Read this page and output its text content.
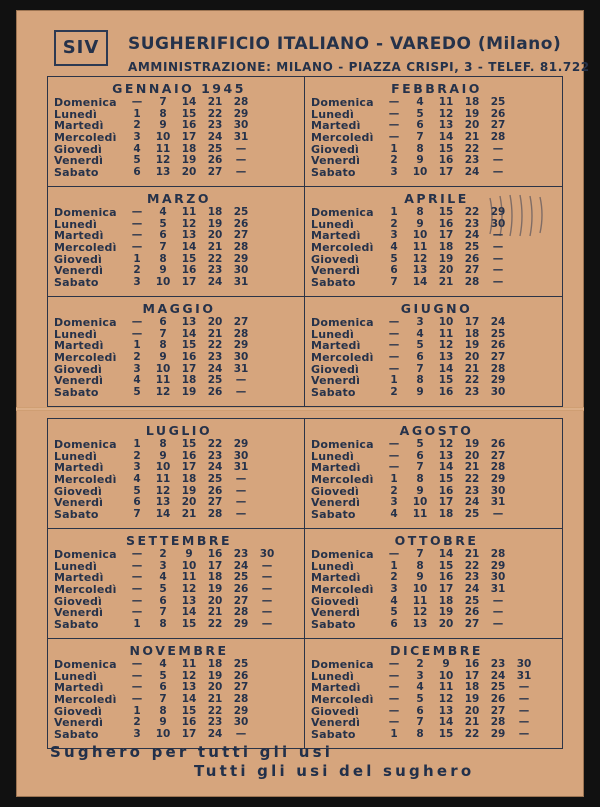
SIV	SUGHERIFICIO ITALIANO - VAREDO (Milano)
AMMINISTRAZIONE: MILANO - PIAZZA CRISPI, 3 - TELEF. 81.722
GENNAIO 1945
Domenica	—	7	14	21	28
Lunedì	1	8	15	22	29
Martedì	2	9	16	23	30
Mercoledì	3	10	17	24	31
Giovedì	4	11	18	25	—
Venerdì	5	12	19	26	—
Sabato	6	13	20	27	—
FEBBRAIO
Domenica	—	4	11	18	25
Lunedì	—	5	12	19	26
Martedì	—	6	13	20	27
Mercoledì	—	7	14	21	28
Giovedì	1	8	15	22	—
Venerdì	2	9	16	23	—
Sabato	3	10	17	24	—
MARZO
Domenica	—	4	11	18	25
Lunedì	—	5	12	19	26
Martedì	—	6	13	20	27
Mercoledì	—	7	14	21	28
Giovedì	1	8	15	22	29
Venerdì	2	9	16	23	30
Sabato	3	10	17	24	31
APRILE
Domenica	1	8	15	22	29
Lunedì	2	9	16	23	30
Martedì	3	10	17	24	—
Mercoledì	4	11	18	25	—
Giovedì	5	12	19	26	—
Venerdì	6	13	20	27	—
Sabato	7	14	21	28	—
MAGGIO
Domenica	—	6	13	20	27
Lunedì	—	7	14	21	28
Martedì	1	8	15	22	29
Mercoledì	2	9	16	23	30
Giovedì	3	10	17	24	31
Venerdì	4	11	18	25	—
Sabato	5	12	19	26	—
GIUGNO
Domenica	—	3	10	17	24
Lunedì	—	4	11	18	25
Martedì	—	5	12	19	26
Mercoledì	—	6	13	20	27
Giovedì	—	7	14	21	28
Venerdì	1	8	15	22	29
Sabato	2	9	16	23	30
LUGLIO
Domenica	1	8	15	22	29
Lunedì	2	9	16	23	30
Martedì	3	10	17	24	31
Mercoledì	4	11	18	25	—
Giovedì	5	12	19	26	—
Venerdì	6	13	20	27	—
Sabato	7	14	21	28	—
AGOSTO
Domenica	—	5	12	19	26
Lunedì	—	6	13	20	27
Martedì	—	7	14	21	28
Mercoledì	1	8	15	22	29
Giovedì	2	9	16	23	30
Venerdì	3	10	17	24	31
Sabato	4	11	18	25	—
SETTEMBRE
Domenica	—	2	9	16	23	30
Lunedì	—	3	10	17	24	—
Martedì	—	4	11	18	25	—
Mercoledì	—	5	12	19	26	—
Giovedì	—	6	13	20	27	—
Venerdì	—	7	14	21	28	—
Sabato	1	8	15	22	29	—
OTTOBRE
Domenica	—	7	14	21	28
Lunedì	1	8	15	22	29
Martedì	2	9	16	23	30
Mercoledì	3	10	17	24	31
Giovedì	4	11	18	25	—
Venerdì	5	12	19	26	—
Sabato	6	13	20	27	—
NOVEMBRE
Domenica	—	4	11	18	25
Lunedì	—	5	12	19	26
Martedì	—	6	13	20	27
Mercoledì	—	7	14	21	28
Giovedì	1	8	15	22	29
Venerdì	2	9	16	23	30
Sabato	3	10	17	24	—
DICEMBRE
Domenica	—	2	9	16	23	30
Lunedì	—	3	10	17	24	31
Martedì	—	4	11	18	25	—
Mercoledì	—	5	12	19	26	—
Giovedì	—	6	13	20	27	—
Venerdì	—	7	14	21	28	—
Sabato	1	8	15	22	29	—
Sughero per tutti gli usi
Tutti gli usi del sughero
